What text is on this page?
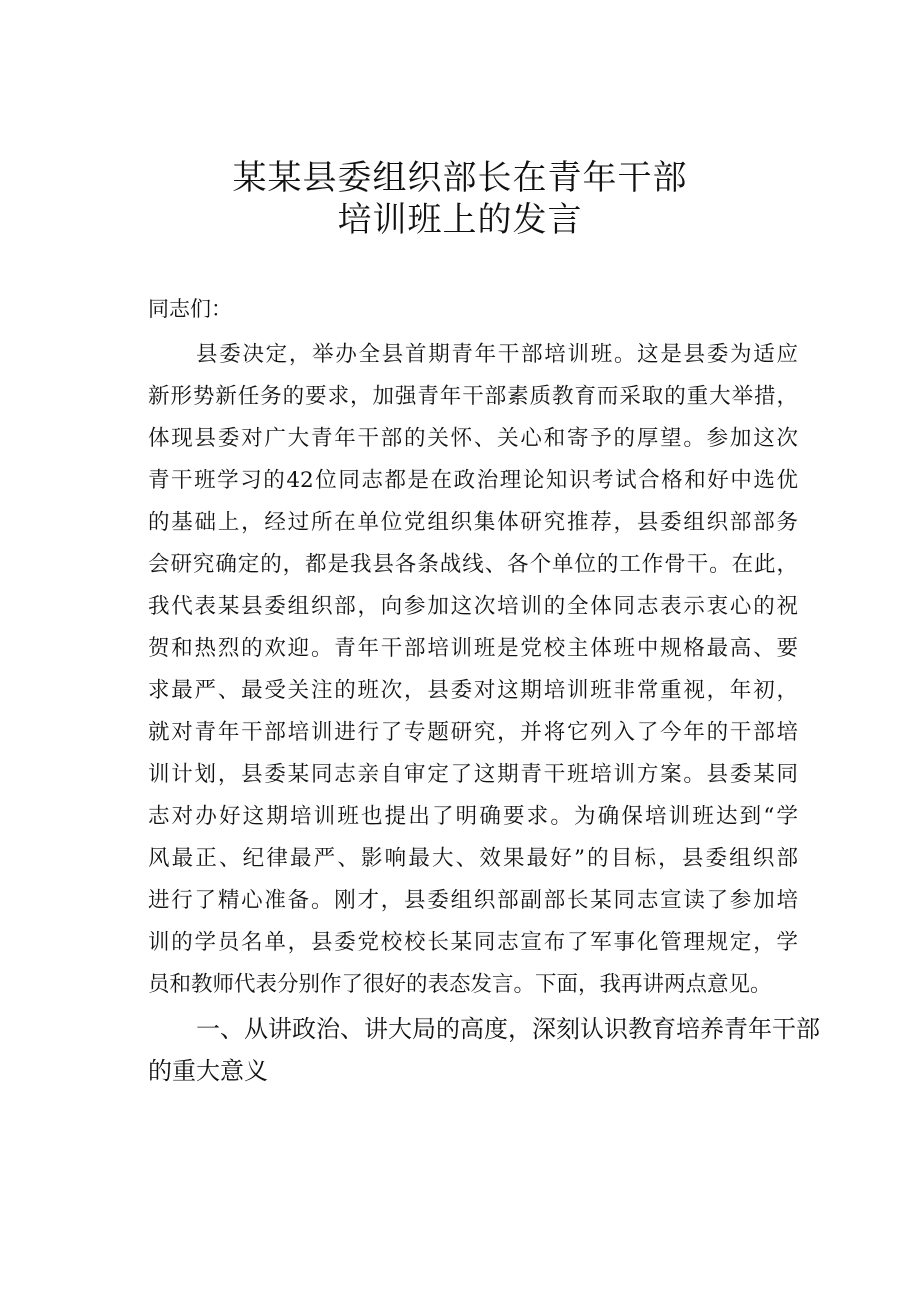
某某县委组织部长在青年干部
培训班上的发言
同志们：
县委决定，举办全县首期青年干部培训班。这是县委为适应
新形势新任务的要求，加强青年干部素质教育而采取的重大举措，
体现县委对广大青年干部的关怀、关心和寄予的厚望。参加这次
青干班学习的42位同志都是在政治理论知识考试合格和好中选优
的基础上，经过所在单位党组织集体研究推荐，县委组织部部务
会研究确定的，都是我县各条战线、各个单位的工作骨干。在此，
我代表某县委组织部，向参加这次培训的全体同志表示衷心的祝
贺和热烈的欢迎。青年干部培训班是党校主体班中规格最高、要
求最严、最受关注的班次，县委对这期培训班非常重视，年初，
就对青年干部培训进行了专题研究，并将它列入了今年的干部培
训计划，县委某同志亲自审定了这期青干班培训方案。县委某同
志对办好这期培训班也提出了明确要求。为确保培训班达到“学
风最正、纪律最严、影响最大、效果最好”的目标，县委组织部
进行了精心准备。刚才，县委组织部副部长某同志宣读了参加培
训的学员名单，县委党校校长某同志宣布了军事化管理规定，学
员和教师代表分别作了很好的表态发言。下面，我再讲两点意见。
一、从讲政治、讲大局的高度，深刻认识教育培养青年干部
的重大意义
